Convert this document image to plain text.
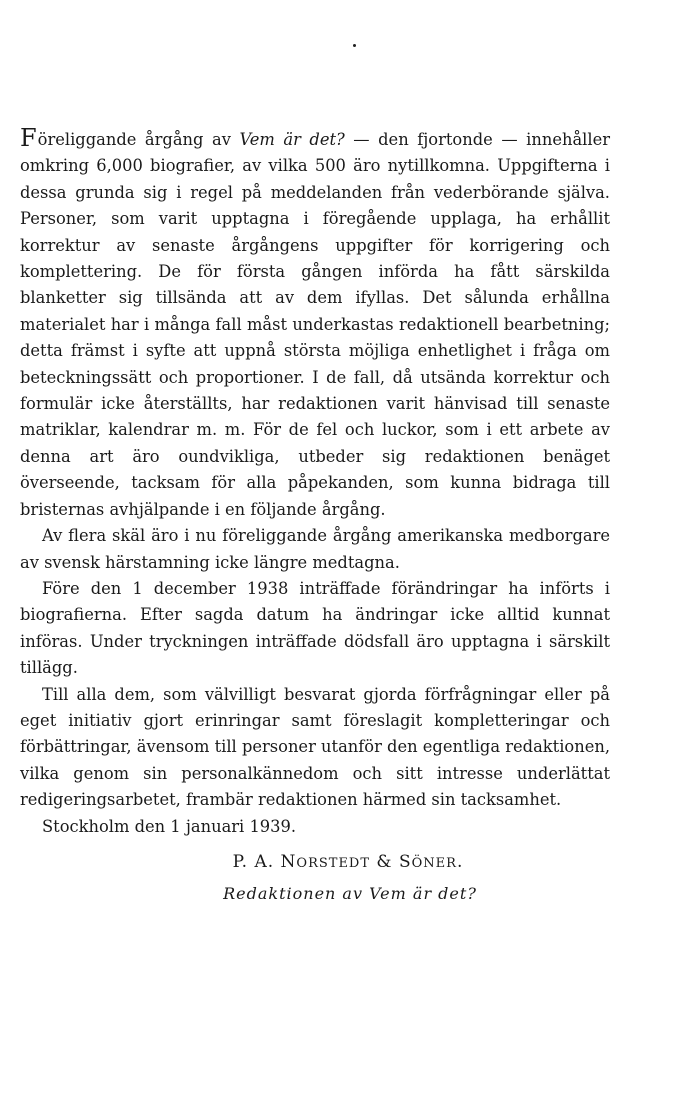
Föreliggande årgång av Vem är det? — den fjortonde — innehåller omkring 6,000 biografier, av vilka 500 äro nytillkomna. Uppgifterna i dessa grunda sig i regel på meddelanden från vederbörande själva. Personer, som varit upptagna i föregående upplaga, ha erhållit korrektur av senaste årgångens uppgifter för korrigering och komplettering. De för första gången införda ha fått särskilda blanketter sig tillsända att av dem ifyllas. Det sålunda erhållna materialet har i många fall måst underkastas redaktionell bearbetning; detta främst i syfte att uppnå största möjliga enhetlighet i fråga om beteckningssätt och proportioner. I de fall, då utsända korrektur och formulär icke återställts, har redaktionen varit hänvisad till senaste matriklar, kalendrar m. m. För de fel och luckor, som i ett arbete av denna art äro oundvikliga, utbeder sig redaktionen benäget överseende, tacksam för alla påpekanden, som kunna bidraga till bristernas avhjälpande i en följande årgång.

Av flera skäl äro i nu föreliggande årgång amerikanska medborgare av svensk härstamning icke längre medtagna.

Före den 1 december 1938 inträffade förändringar ha införts i biografierna. Efter sagda datum ha ändringar icke alltid kunnat införas. Under tryckningen inträffade dödsfall äro upptagna i särskilt tillägg.

Till alla dem, som välvilligt besvarat gjorda förfrågningar eller på eget initiativ gjort erinringar samt föreslagit kompletteringar och förbättringar, ävensom till personer utanför den egentliga redaktionen, vilka genom sin personalkännedom och sitt intresse underlättat redigeringsarbetet, frambär redaktionen härmed sin tacksamhet.

Stockholm den 1 januari 1939.

P. A. NORSTEDT & SÖNER.
Redaktionen av Vem är det?
